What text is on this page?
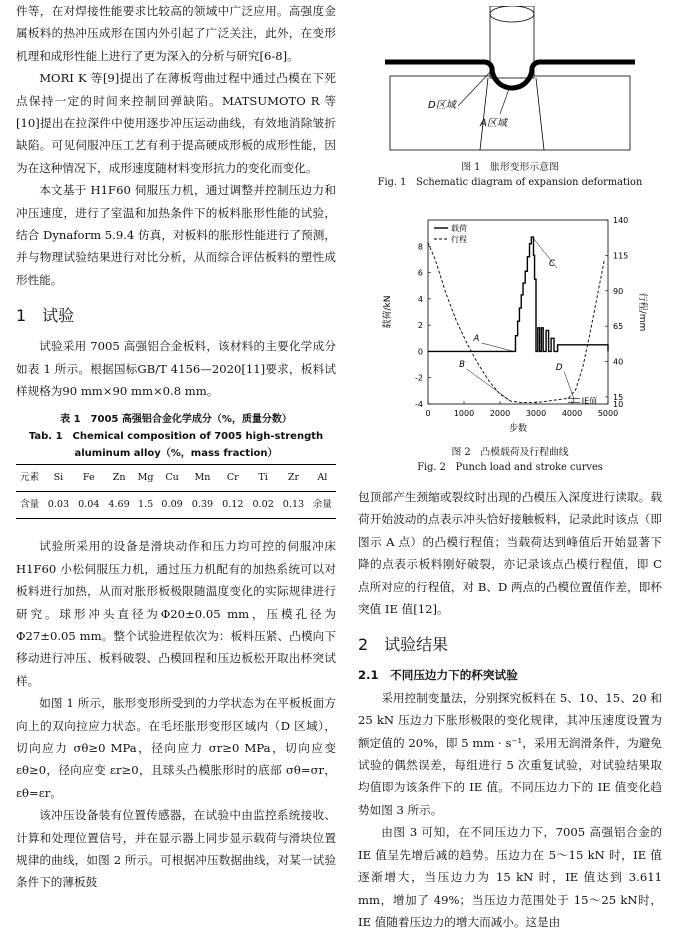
件等，在对焊接性能要求比较高的领域中广泛应用。高强度金属板料的热冲压成形在国内外引起了广泛关注，此外，在变形机理和成形性能上进行了更为深入的分析与研究[6-8]。

MORI K 等[9]提出了在薄板弯曲过程中通过凸模在下死点保持一定的时间来控制回弹缺陷。MATSUMOTO R 等[10]提出在拉深件中使用逐步冲压运动曲线，有效地消除皱折缺陷。可见伺服冲压工艺有利于提高硬成形板的成形性能，因为在这种情况下，成形速度随材料变形抗力的变化而变化。

本文基于 H1F60 伺服压力机，通过调整并控制压边力和冲压速度，进行了室温和加热条件下的板料胀形性能的试验，结合 Dynaform 5.9.4 仿真，对板料的胀形性能进行了预测，并与物理试验结果进行对比分析，从而综合评估板料的塑性成形性能。

1　试验

试验采用 7005 高强铝合金板料，该材料的主要化学成分如表 1 所示。根据国标GB/T 4156—2020[11]要求，板料试样规格为90 mm×90 mm×0.8 mm。

表 1　7005 高强铝合金化学成分（%，质量分数）
Tab. 1　Chemical composition of 7005 high-strength
aluminum alloy（%，mass fraction）
元素	Si	Fe	Zn	Mg	Cu	Mn	Cr	Ti	Zr	Al
含量	0.03	0.04	4.69	1.5	0.09	0.39	0.12	0.02	0.13	余量

试验所采用的设备是滑块动作和压力均可控的伺服冲床 H1F60 小松伺服压力机，通过压力机配有的加热系统可以对板料进行加热，从而对胀形板极限随温度变化的实际规律进行研究。球形冲头直径为Φ20±0.05 mm，压模孔径为 Φ27±0.05 mm。整个试验进程依次为：板料压紧、凸模向下移动进行冲压、板料破裂、凸模回程和压边板松开取出杯突试样。

如图 1 所示，胀形变形所受到的力学状态为在平板板面方向上的双向拉应力状态。在毛坯胀形变形区域内（D 区域），切向应力 σθ≥0 MPa，径向应力 σr≥0 MPa，切向应变 εθ≥0，径向应变 εr≥0，且球头凸模胀形时的底部 σθ=σr，εθ=εr。

该冲压设备装有位置传感器，在试验中由监控系统接收、计算和处理位置信号，并在显示器上同步显示载荷与滑块位置规律的曲线，如图 2 所示。可根据冲压数据曲线，对某一试验条件下的薄板鼓

D区域
A区域
图 1　胀形变形示意图
Fig. 1　Schematic diagram of expansion deformation
0	1000 2000 3000 4000 5000
-4
-2
0
2
4
6
8
10
15
40
65
90
115
140
步数
载荷/kN	行程/mm
载荷
行程
A
B
C
D
IE值
图 2　凸模载荷及行程曲线
Fig. 2　Punch load and stroke curves

包顶部产生颈缩或裂纹时出现的凸模压入深度进行读取。载荷开始波动的点表示冲头恰好接触板料，记录此时该点（即图示 A 点）的凸模行程值；当载荷达到峰值后开始显著下降的点表示板料刚好破裂，亦记录该点凸模行程值，即 C 点所对应的行程值，对 B、D 两点的凸模位置值作差，即杯突值 IE 值[12]。

2　试验结果
2.1　不同压边力下的杯突试验

采用控制变量法，分别探究板料在 5、10、15、20 和 25 kN 压边力下胀形极限的变化规律，其冲压速度设置为额定值的 20%，即 5 mm · s⁻¹，采用无润滑条件，为避免试验的偶然误差，每组进行 5 次重复试验，对试验结果取均值即为该条件下的 IE 值。不同压边力下的 IE 值变化趋势如图 3 所示。

由图 3 可知，在不同压边力下，7005 高强铝合金的 IE 值呈先增后减的趋势。压边力在 5～15 kN 时，IE 值逐渐增大，当压边力为 15 kN 时，IE 值达到 3.611 mm，增加了 49%；当压边力范围处于 15～25 kN时，IE 值随着压边力的增大而减小。这是由
